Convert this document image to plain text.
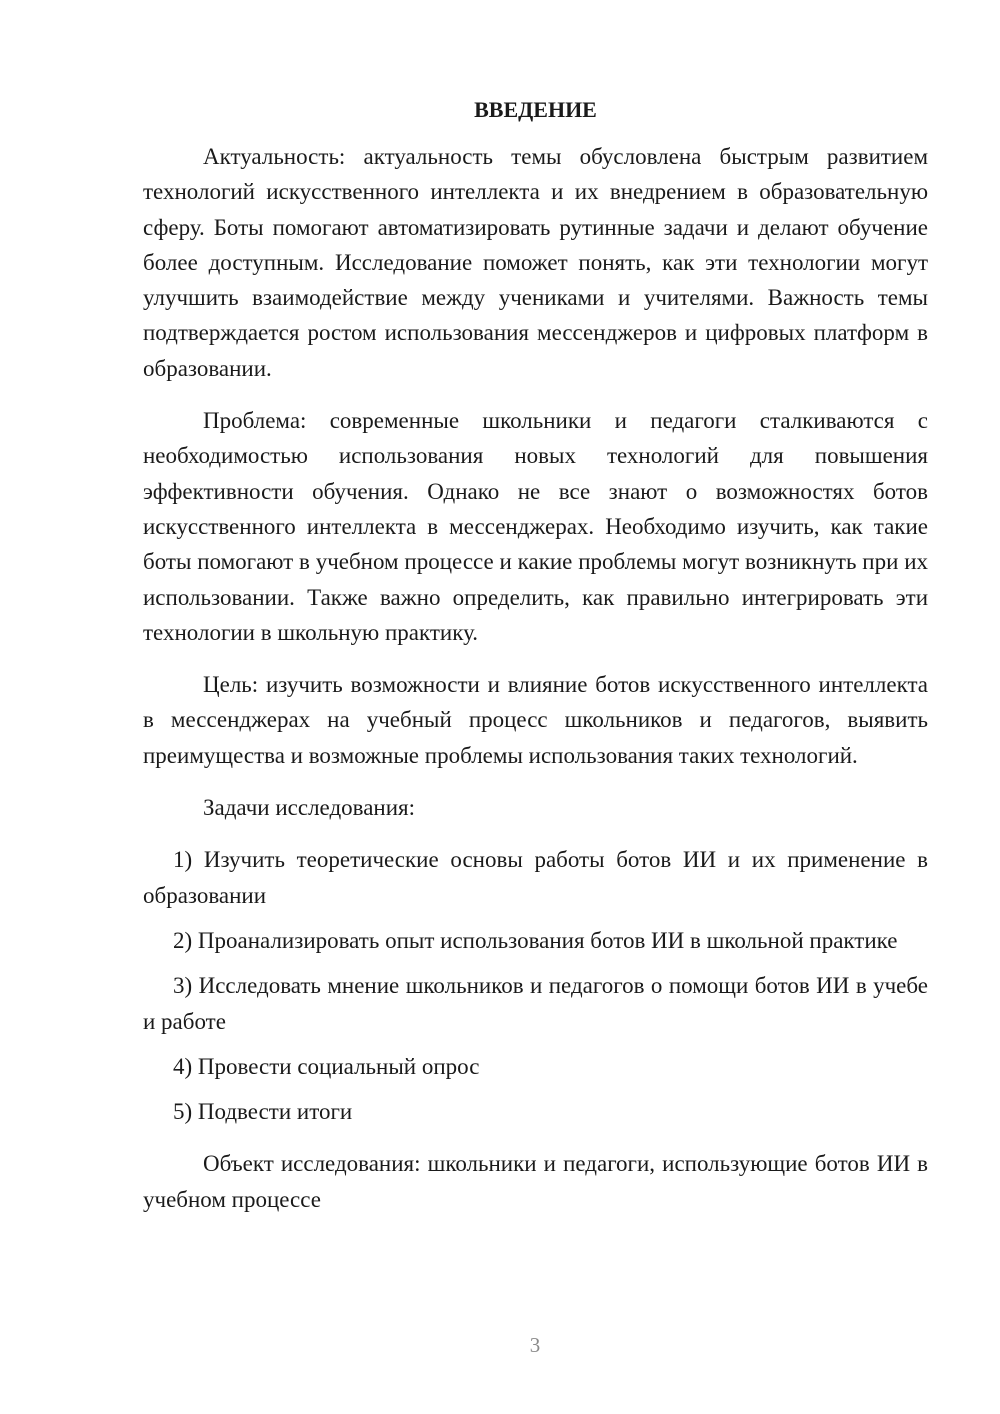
ВВЕДЕНИЕ

Актуальность: актуальность темы обусловлена быстрым развитием технологий искусственного интеллекта и их внедрением в образовательную сферу. Боты помогают автоматизировать рутинные задачи и делают обучение более доступным. Исследование поможет понять, как эти технологии могут улучшить взаимодействие между учениками и учителями. Важность темы подтверждается ростом использования мессенджеров и цифровых платформ в образовании.

Проблема: современные школьники и педагоги сталкиваются с необходимостью использования новых технологий для повышения эффективности обучения. Однако не все знают о возможностях ботов искусственного интеллекта в мессенджерах. Необходимо изучить, как такие боты помогают в учебном процессе и какие проблемы могут возникнуть при их использовании. Также важно определить, как правильно интегрировать эти технологии в школьную практику.

Цель: изучить возможности и влияние ботов искусственного интеллекта в мессенджерах на учебный процесс школьников и педагогов, выявить преимущества и возможные проблемы использования таких технологий.

Задачи исследования:

1) Изучить теоретические основы работы ботов ИИ и их применение в образовании

2) Проанализировать опыт использования ботов ИИ в школьной практике

3) Исследовать мнение школьников и педагогов о помощи ботов ИИ в учебе и работе

4) Провести социальный опрос

5) Подвести итоги

Объект исследования: школьники и педагоги, использующие ботов ИИ в учебном процессе

3
